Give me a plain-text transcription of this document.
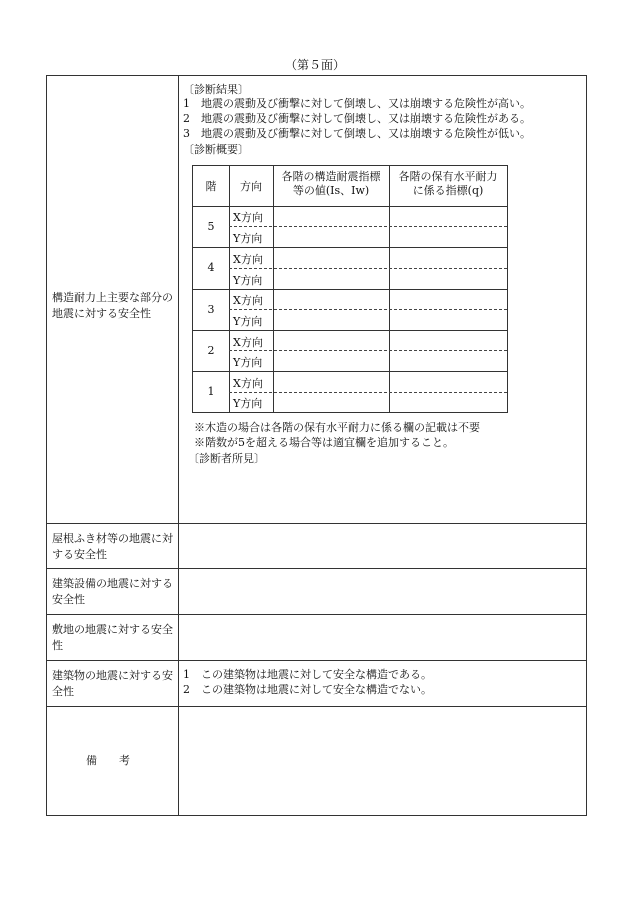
（第５面）
構造耐力上主要な部分の地震に対する安全性
〔診断結果〕
1　 地震の震動及び衝撃に対して倒壊し、又は崩壊する危険性が高い。
2　 地震の震動及び衝撃に対して倒壊し、又は崩壊する危険性がある。
3　 地震の震動及び衝撃に対して倒壊し、又は崩壊する危険性が低い。
〔診断概要〕
階	方向
各階の構造耐震指標
等の値(Is、Iw)
各階の保有水平耐力
に係る指標(q)
5
4
3
2
1
X方向
Y方向
X方向
Y方向
X方向
Y方向
X方向
Y方向
X方向
Y方向
※木造の場合は各階の保有水平耐力に係る欄の記載は不要
※階数が5を超える場合等は適宜欄を追加すること。
〔診断者所見〕
屋根ふき材等の地震に対する安全性
建築設備の地震に対する安全性
敷地の地震に対する安全性
建築物の地震に対する安全性
1　 この建築物は地震に対して安全な構造である。
2　 この建築物は地震に対して安全な構造でない。
備　　考
